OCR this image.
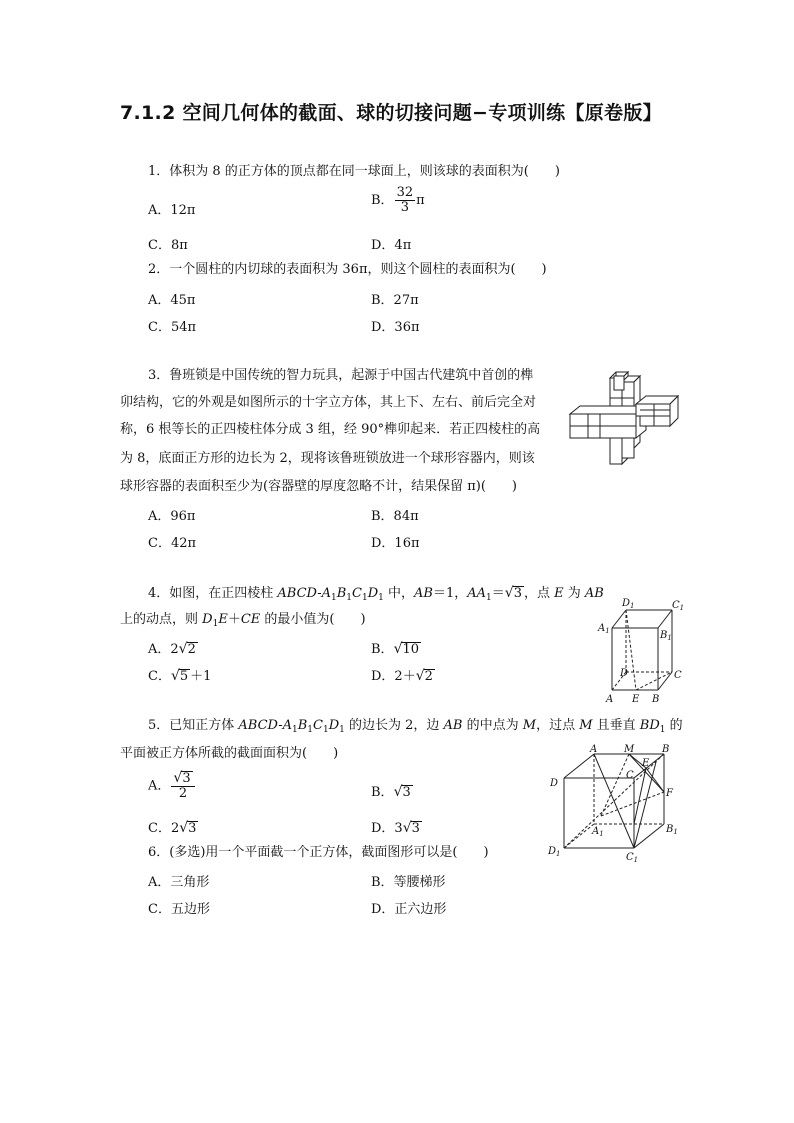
7.1.2 空间几何体的截面、球的切接问题−专项训练【原卷版】
1．体积为 8 的正方体的顶点都在同一球面上，则该球的表面积为(　　)
A．12π
B． $\frac{32}{3}$ π
C．8π	D．4π
2．一个圆柱的内切球的表面积为 36π，则这个圆柱的表面积为(　　)
A．45π	B．27π
C．54π	D．36π
3．鲁班锁是中国传统的智力玩具，起源于中国古代建筑中首创的榫
卯结构，它的外观是如图所示的十字立方体，其上下、左右、前后完全对
称，6 根等长的正四棱柱体分成 3 组，经 90°榫卯起来．若正四棱柱的高
为 8，底面正方形的边长为 2，现将该鲁班锁放进一个球形容器内，则该
球形容器的表面积至少为(容器壁的厚度忽略不计，结果保留 π)(　　)
A．96π	B．84π
C．42π	D．16π
4．如图，在正四棱柱 ABCD-$A_1B_1C_1D_1$ 中，AB＝1，$AA_1=√3$ ，点 E 为 AB
上的动点，则 $D_1E+CE$ 的最小值为(　　)
A．2√2	B．√10
C．√5 ＋1	D．2＋√2
$D_1$	$C_1$
$A_1$	$B_1$
D	C
A E B
5．已知正方体 ABCD-$A_1B_1C_1D_1$ 的边长为 2，边 AB 的中点为 M，过点 M 且垂直 $BD_1$ 的
平面被正方体所截的截面面积为(　　)
A． $\frac{√3}{2}$	B．√3
C．2√3	D．3√3
A	M	B
C
E
D
F
$A_1$	$B_1$
$D_1$	$C_1$
6．(多选)用一个平面截一个正方体，截面图形可以是(　　)
A．三角形	B．等腰梯形
C．五边形	D．正六边形
